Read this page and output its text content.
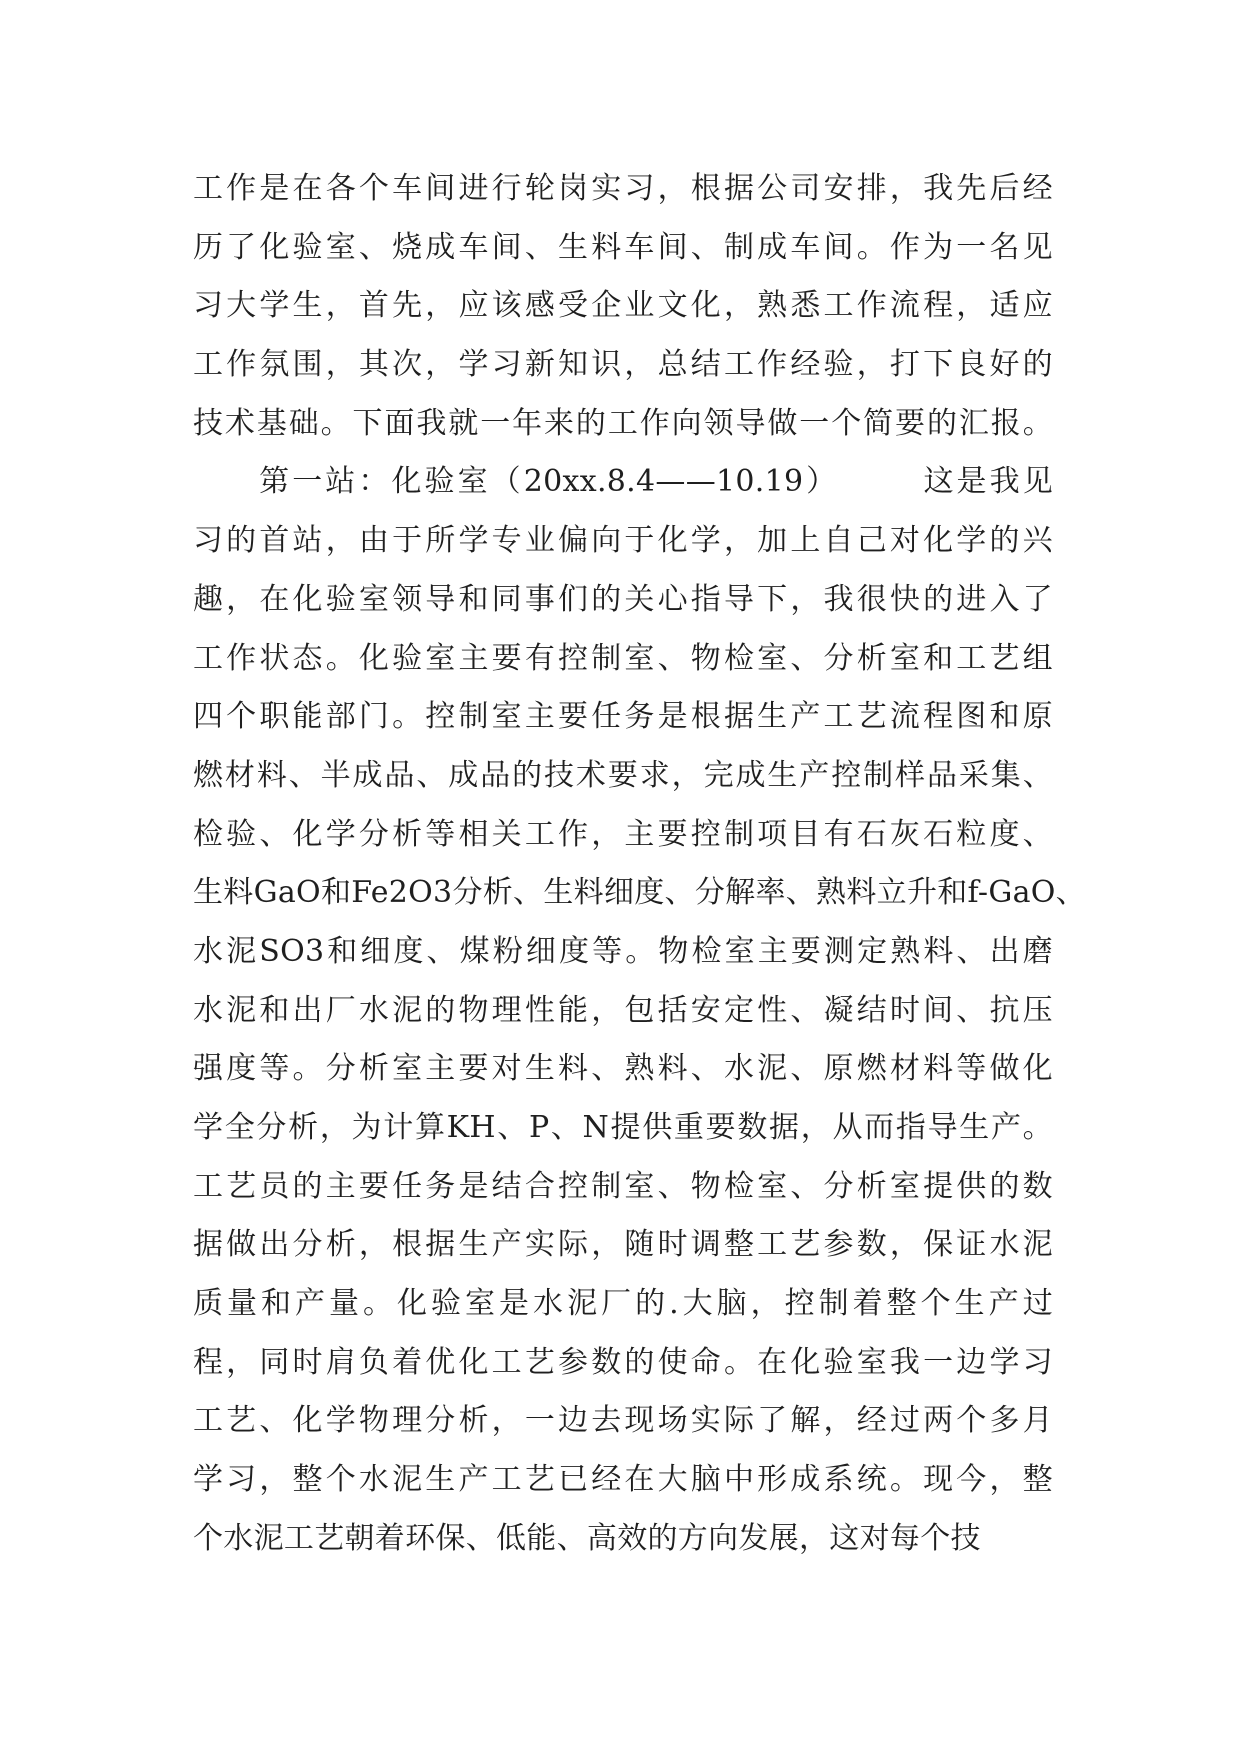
工作是在各个车间进行轮岗实习，根据公司安排，我先后经
历了化验室、烧成车间、生料车间、制成车间。作为一名见
习大学生，首先，应该感受企业文化，熟悉工作流程，适应
工作氛围，其次，学习新知识，总结工作经验，打下良好的
技术基础。下面我就一年来的工作向领导做一个简要的汇报。
　　第一站：化验室（20xx.8.4——10.19）　　　这是我见
习的首站，由于所学专业偏向于化学，加上自己对化学的兴
趣，在化验室领导和同事们的关心指导下，我很快的进入了
工作状态。化验室主要有控制室、物检室、分析室和工艺组
四个职能部门。控制室主要任务是根据生产工艺流程图和原
燃材料、半成品、成品的技术要求，完成生产控制样品采集、
检验、化学分析等相关工作，主要控制项目有石灰石粒度、
生料GaO和Fe2O3分析、生料细度、分解率、熟料立升和f-GaO、
水泥SO3和细度、煤粉细度等。物检室主要测定熟料、出磨
水泥和出厂水泥的物理性能，包括安定性、凝结时间、抗压
强度等。分析室主要对生料、熟料、水泥、原燃材料等做化
学全分析，为计算KH、P、N提供重要数据，从而指导生产。
工艺员的主要任务是结合控制室、物检室、分析室提供的数
据做出分析，根据生产实际，随时调整工艺参数，保证水泥
质量和产量。化验室是水泥厂的.大脑，控制着整个生产过
程，同时肩负着优化工艺参数的使命。在化验室我一边学习
工艺、化学物理分析，一边去现场实际了解，经过两个多月
学习，整个水泥生产工艺已经在大脑中形成系统。现今，整
个水泥工艺朝着环保、低能、高效的方向发展，这对每个技
